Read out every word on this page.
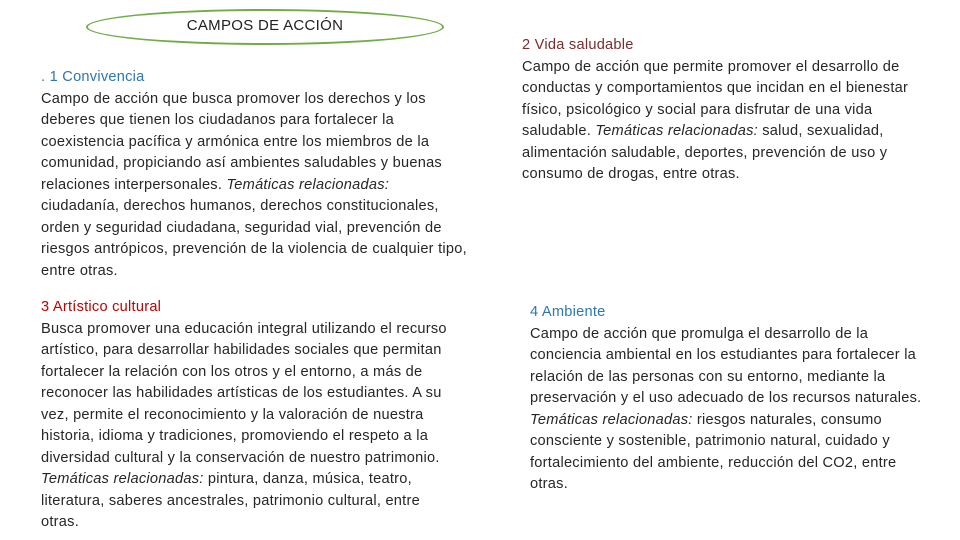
CAMPOS DE ACCIÓN
. 1 Convivencia
Campo de acción que busca promover los derechos y los deberes que tienen los ciudadanos para fortalecer la coexistencia pacífica y armónica entre los miembros de la comunidad, propiciando así ambientes saludables y buenas relaciones interpersonales. Temáticas relacionadas: ciudadanía, derechos humanos, derechos constitucionales, orden y seguridad ciudadana, seguridad vial, prevención de riesgos antrópicos, prevención de la violencia de cualquier tipo, entre otras.
2 Vida saludable
Campo de acción que permite promover el desarrollo de conductas y comportamientos que incidan en el bienestar físico, psicológico y social para disfrutar de una vida saludable. Temáticas relacionadas: salud, sexualidad, alimentación saludable, deportes, prevención de uso y consumo de drogas, entre otras.
3 Artístico cultural
Busca promover una educación integral utilizando el recurso artístico, para desarrollar habilidades sociales que permitan fortalecer la relación con los otros y el entorno, a más de reconocer las habilidades artísticas de los estudiantes. A su vez, permite el reconocimiento y la valoración de nuestra historia, idioma y tradiciones, promoviendo el respeto a la diversidad cultural y la conservación de nuestro patrimonio. Temáticas relacionadas: pintura, danza, música, teatro, literatura, saberes ancestrales, patrimonio cultural, entre otras.
4 Ambiente
Campo de acción que promulga el desarrollo de la conciencia ambiental en los estudiantes para fortalecer la relación de las personas con su entorno, mediante la preservación y el uso adecuado de los recursos naturales. Temáticas relacionadas: riesgos naturales, consumo consciente y sostenible, patrimonio natural, cuidado y fortalecimiento del ambiente, reducción del CO2, entre otras.
